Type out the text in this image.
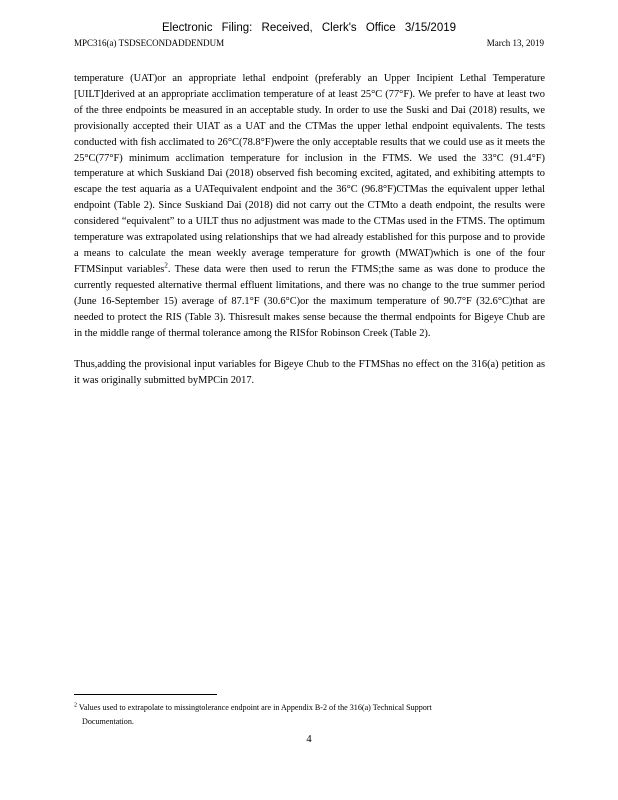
Electronic Filing: Received, Clerk's Office 3/15/2019
MPC316(a) TSDSECONDADDENDUM	March 13, 2019

temperature (UAT)or an appropriate lethal endpoint (preferably an Upper Incipient Lethal Temperature [UILT]derived at an appropriate acclimation temperature of at least 25°C (77°F). We prefer to have at least two of the three endpoints be measured in an acceptable study. In order to use the Suski and Dai (2018) results, we provisionally accepted their UIAT as a UAT and the CTMas the upper lethal endpoint equivalents. The tests conducted with fish acclimated to 26°C(78.8°F)were the only acceptable results that we could use as it meets the 25°C(77°F) minimum acclimation temperature for inclusion in the FTMS. We used the 33°C (91.4°F) temperature at which Suskiand Dai (2018) observed fish becoming excited, agitated, and exhibiting attempts to escape the test aquaria as a UATequivalent endpoint and the 36°C (96.8°F)CTMas the equivalent upper lethal endpoint (Table 2). Since Suskiand Dai (2018) did not carry out the CTMto a death endpoint, the results were considered “equivalent” to a UILT thus no adjustment was made to the CTMas used in the FTMS. The optimum temperature was extrapolated using relationships that we had already established for this purpose and to provide a means to calculate the mean weekly average temperature for growth (MWAT)which is one of the four FTMSinput variables$^2$. These data were then used to rerun the FTMS;the same as was done to produce the currently requested alternative thermal effluent limitations, and there was no change to the true summer period (June 16-September 15) average of 87.1°F (30.6°C)or the maximum temperature of 90.7°F (32.6°C)that are needed to protect the RIS (Table 3). Thisresult makes sense because the thermal endpoints for Bigeye Chub are in the middle range of thermal tolerance among the RISfor Robinson Creek (Table 2).

Thus,adding the provisional input variables for Bigeye Chub to the FTMShas no effect on the 316(a) petition as it was originally submitted byMPCin 2017.

$^2$ Values used to extrapolate to missingtolerance endpoint are in Appendix B-2 of the 316(a) Technical Support
Documentation.
4
